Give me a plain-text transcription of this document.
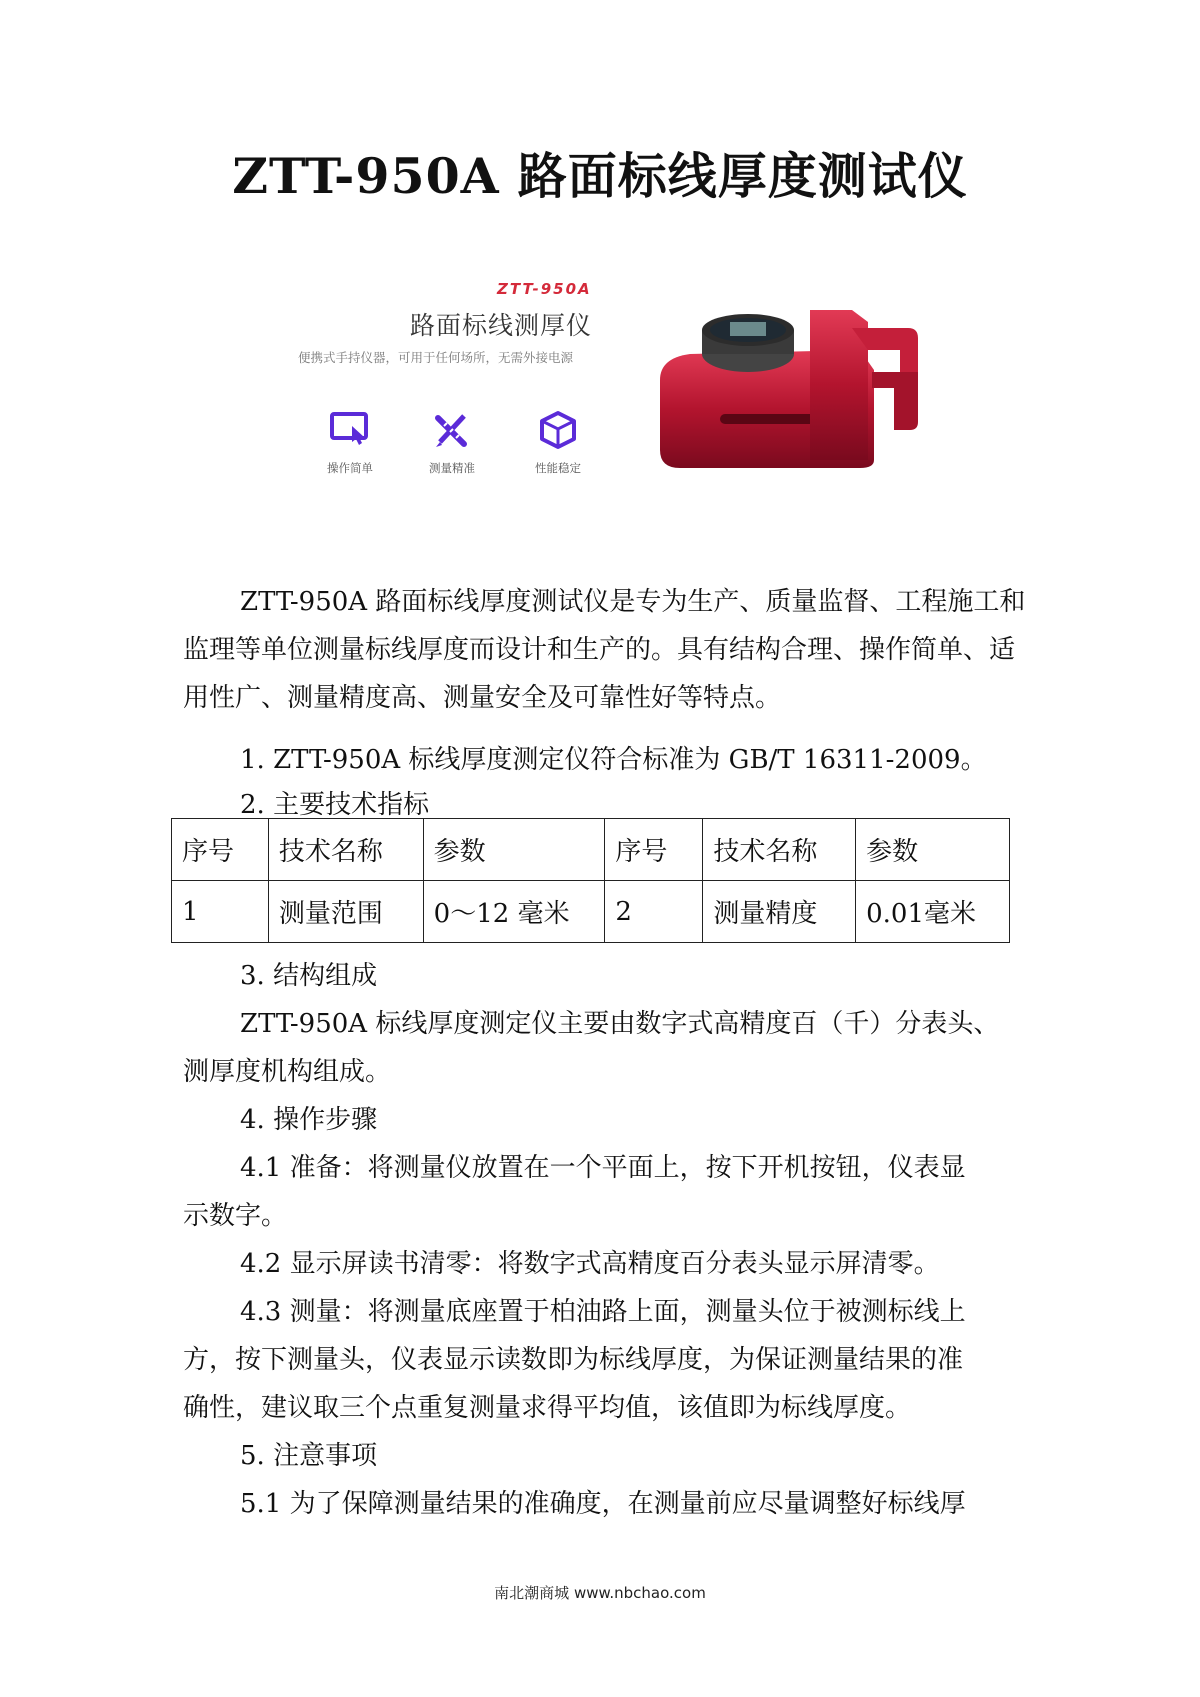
ZTT-950A 路面标线厚度测试仪
ZTT-950A
路面标线测厚仪
便携式手持仪器，可用于任何场所，无需外接电源
操作简单	测量精准	性能稳定
ZTT-950A 路面标线厚度测试仪是专为生产、质量监督、工程施工和监理等单位测量标线厚度而设计和生产的。具有结构合理、操作简单、适用性广、测量精度高、测量安全及可靠性好等特点。
1. ZTT-950A 标线厚度测定仪符合标准为 GB/T 16311-2009。
2. 主要技术指标
序号	技术名称	参数	序号	技术名称	参数
1	测量范围	0～12 毫米	2	测量精度	0.01毫米
3. 结构组成
ZTT-950A 标线厚度测定仪主要由数字式高精度百（千）分表头、
测厚度机构组成。
4. 操作步骤
4.1 准备：将测量仪放置在一个平面上，按下开机按钮，仪表显
示数字。
4.2 显示屏读书清零：将数字式高精度百分表头显示屏清零。
4.3 测量：将测量底座置于柏油路上面，测量头位于被测标线上
方，按下测量头，仪表显示读数即为标线厚度，为保证测量结果的准
确性，建议取三个点重复测量求得平均值，该值即为标线厚度。
5. 注意事项
5.1 为了保障测量结果的准确度，在测量前应尽量调整好标线厚
南北潮商城 www.nbchao.com
